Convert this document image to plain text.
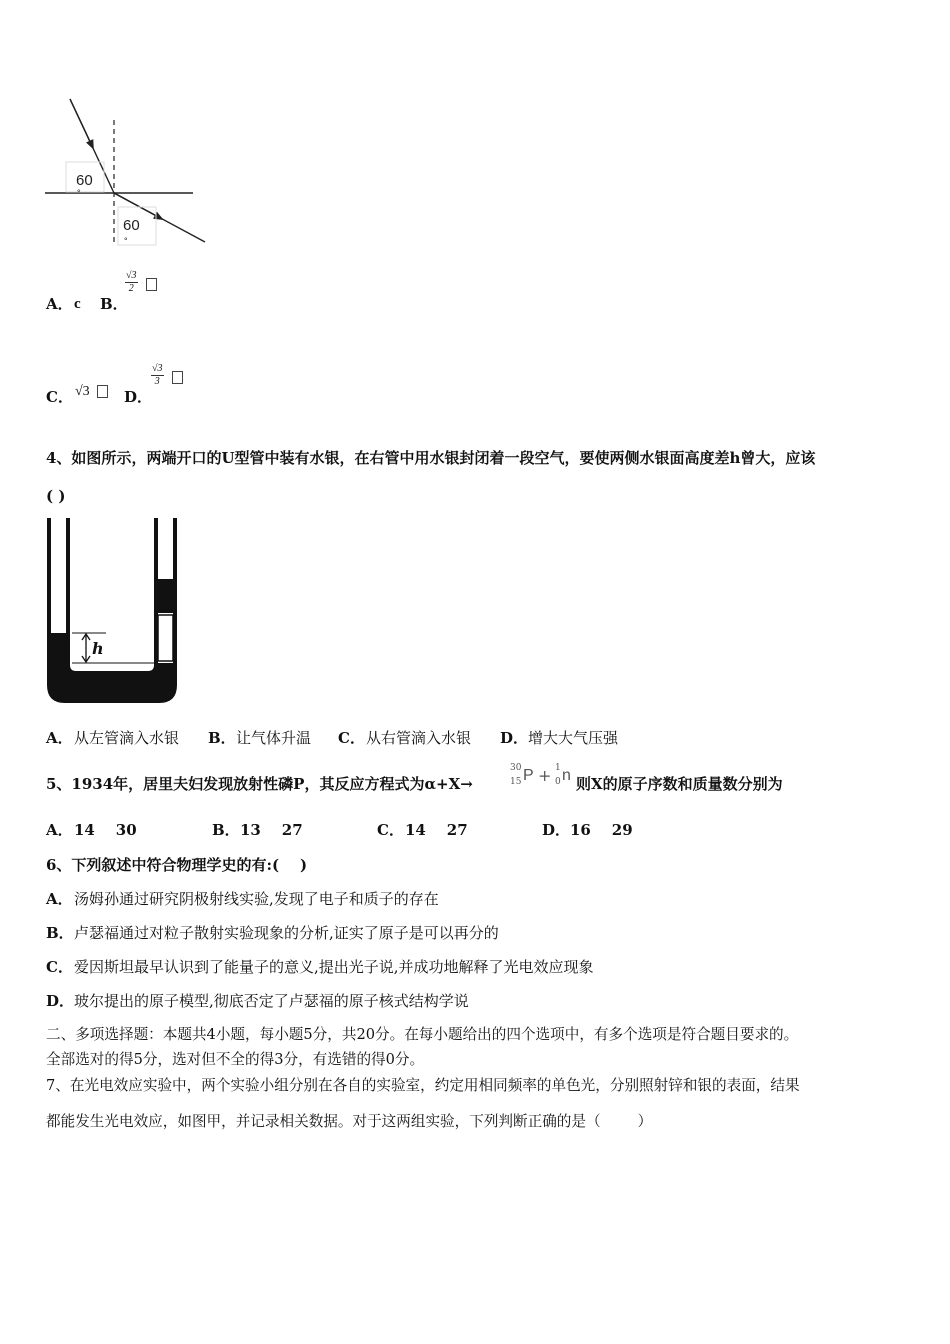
60
°
60
°
A． c B．
$\frac{√3}{2}$
C． √3 D．
$\frac{√3}{3}$
4、如图所示，两端开口的U型管中装有水银，在右管中用水银封闭着一段空气，要使两侧水银面高度差h曾大，应该
( )
h
A． 从左管滴入水银 B． 让气体升温 C． 从右管滴入水银 D． 增大大气压强
5、1934年，居里夫妇发现放射性磷P，其反应方程式为α+X→
30
15 P + 1
0 n 则X的原子序数和质量数分别为
A． 14    30	B． 13    27	C． 14    27	D． 16    29
6、下列叙述中符合物理学史的有:(    )
A． 汤姆孙通过研究阴极射线实验,发现了电子和质子的存在
B． 卢瑟福通过对粒子散射实验现象的分析,证实了原子是可以再分的
C． 爱因斯坦最早认识到了能量子的意义,提出光子说,并成功地解释了光电效应现象
D． 玻尔提出的原子模型,彻底否定了卢瑟福的原子核式结构学说
二、多项选择题：本题共4小题，每小题5分，共20分。在每小题给出的四个选项中，有多个选项是符合题目要求的。
全部选对的得5分，选对但不全的得3分，有选错的得0分。
7、在光电效应实验中，两个实验小组分别在各自的实验室，约定用相同频率的单色光，分别照射锌和银的表面，结果
都能发生光电效应，如图甲，并记录相关数据。对于这两组实验，下列判断正确的是（        ）
